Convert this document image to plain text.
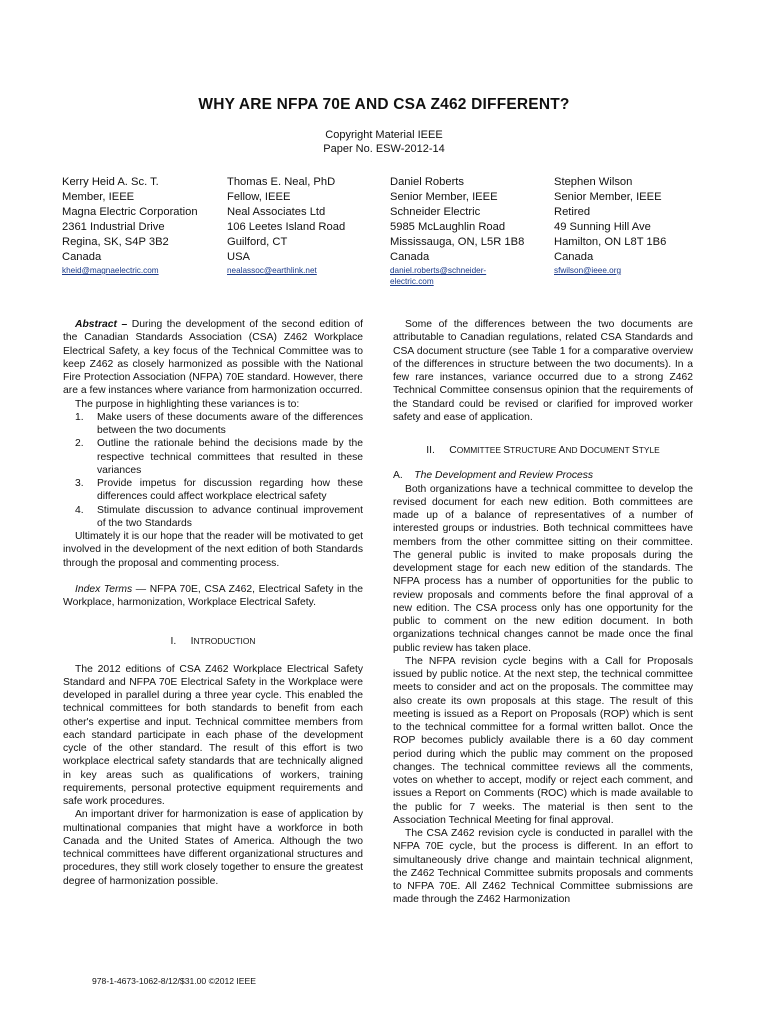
WHY ARE NFPA 70E AND CSA Z462 DIFFERENT?
Copyright Material IEEE
Paper No. ESW-2012-14
Kerry Heid A. Sc. T.
Member, IEEE
Magna Electric Corporation
2361 Industrial Drive
Regina, SK, S4P 3B2
Canada
kheid@magnaelectric.com
Thomas E. Neal, PhD
Fellow, IEEE
Neal Associates Ltd
106 Leetes Island Road
Guilford, CT
USA
nealassoc@earthlink.net
Daniel Roberts
Senior Member, IEEE
Schneider Electric
5985 McLaughlin Road
Mississauga, ON, L5R 1B8
Canada
daniel.roberts@schneider-
electric.com
Stephen Wilson
Senior Member, IEEE
Retired
49 Sunning Hill Ave
Hamilton, ON L8T 1B6
Canada
sfwilson@ieee.org

Abstract – During the development of the second edition of the Canadian Standards Association (CSA) Z462 Workplace Electrical Safety, a key focus of the Technical Committee was to keep Z462 as closely harmonized as possible with the National Fire Protection Association (NFPA) 70E standard. However, there are a few instances where variance from harmonization occurred.

The purpose in highlighting these variances is to:

1. Make users of these documents aware of the differences between the two documents
2. Outline the rationale behind the decisions made by the respective technical committees that resulted in these variances
3. Provide impetus for discussion regarding how these differences could affect workplace electrical safety
4. Stimulate discussion to advance continual improvement of the two Standards

Ultimately it is our hope that the reader will be motivated to get involved in the development of the next edition of both Standards through the proposal and commenting process.

Index Terms — NFPA 70E, CSA Z462, Electrical Safety in the Workplace, harmonization, Workplace Electrical Safety.

I. INTRODUCTION

The 2012 editions of CSA Z462 Workplace Electrical Safety Standard and NFPA 70E Electrical Safety in the Workplace were developed in parallel during a three year cycle. This enabled the technical committees for both standards to benefit from each other's expertise and input. Technical committee members from each standard participate in each phase of the development cycle of the other standard. The result of this effort is two workplace electrical safety standards that are technically aligned in key areas such as qualifications of workers, training requirements, personal protective equipment requirements and safe work procedures.

An important driver for harmonization is ease of application by multinational companies that might have a workforce in both Canada and the United States of America. Although the two technical committees have different organizational structures and procedures, they still work closely together to ensure the greatest degree of harmonization possible.

Some of the differences between the two documents are attributable to Canadian regulations, related CSA Standards and CSA document structure (see Table 1 for a comparative overview of the differences in structure between the two documents). In a few rare instances, variance occurred due to a strong Z462 Technical Committee consensus opinion that the requirements of the Standard could be revised or clarified for improved worker safety and ease of application.

II. COMMITTEE STRUCTURE AND DOCUMENT STYLE

A. The Development and Review Process

Both organizations have a technical committee to develop the revised document for each new edition. Both committees are made up of a balance of representatives of a number of interested groups or industries. Both technical committees have members from the other committee sitting on their committee. The general public is invited to make proposals during the development stage for each new edition of the standards. The NFPA process has a number of opportunities for the public to review proposals and comments before the final approval of a new edition. The CSA process only has one opportunity for the public to comment on the new edition document. In both organizations technical changes cannot be made once the final public review has taken place.

The NFPA revision cycle begins with a Call for Proposals issued by public notice. At the next step, the technical committee meets to consider and act on the proposals. The committee may also create its own proposals at this stage. The result of this meeting is issued as a Report on Proposals (ROP) which is sent to the technical committee for a formal written ballot. Once the ROP becomes publicly available there is a 60 day comment period during which the public may comment on the proposed changes. The technical committee reviews all the comments, votes on whether to accept, modify or reject each comment, and issues a Report on Comments (ROC) which is made available to the public for 7 weeks. The material is then sent to the Association Technical Meeting for final approval.

The CSA Z462 revision cycle is conducted in parallel with the NFPA 70E cycle, but the process is different. In an effort to simultaneously drive change and maintain technical alignment, the Z462 Technical Committee submits proposals and comments to NFPA 70E. All Z462 Technical Committee submissions are made through the Z462 Harmonization

978-1-4673-1062-8/12/$31.00 ©2012 IEEE
